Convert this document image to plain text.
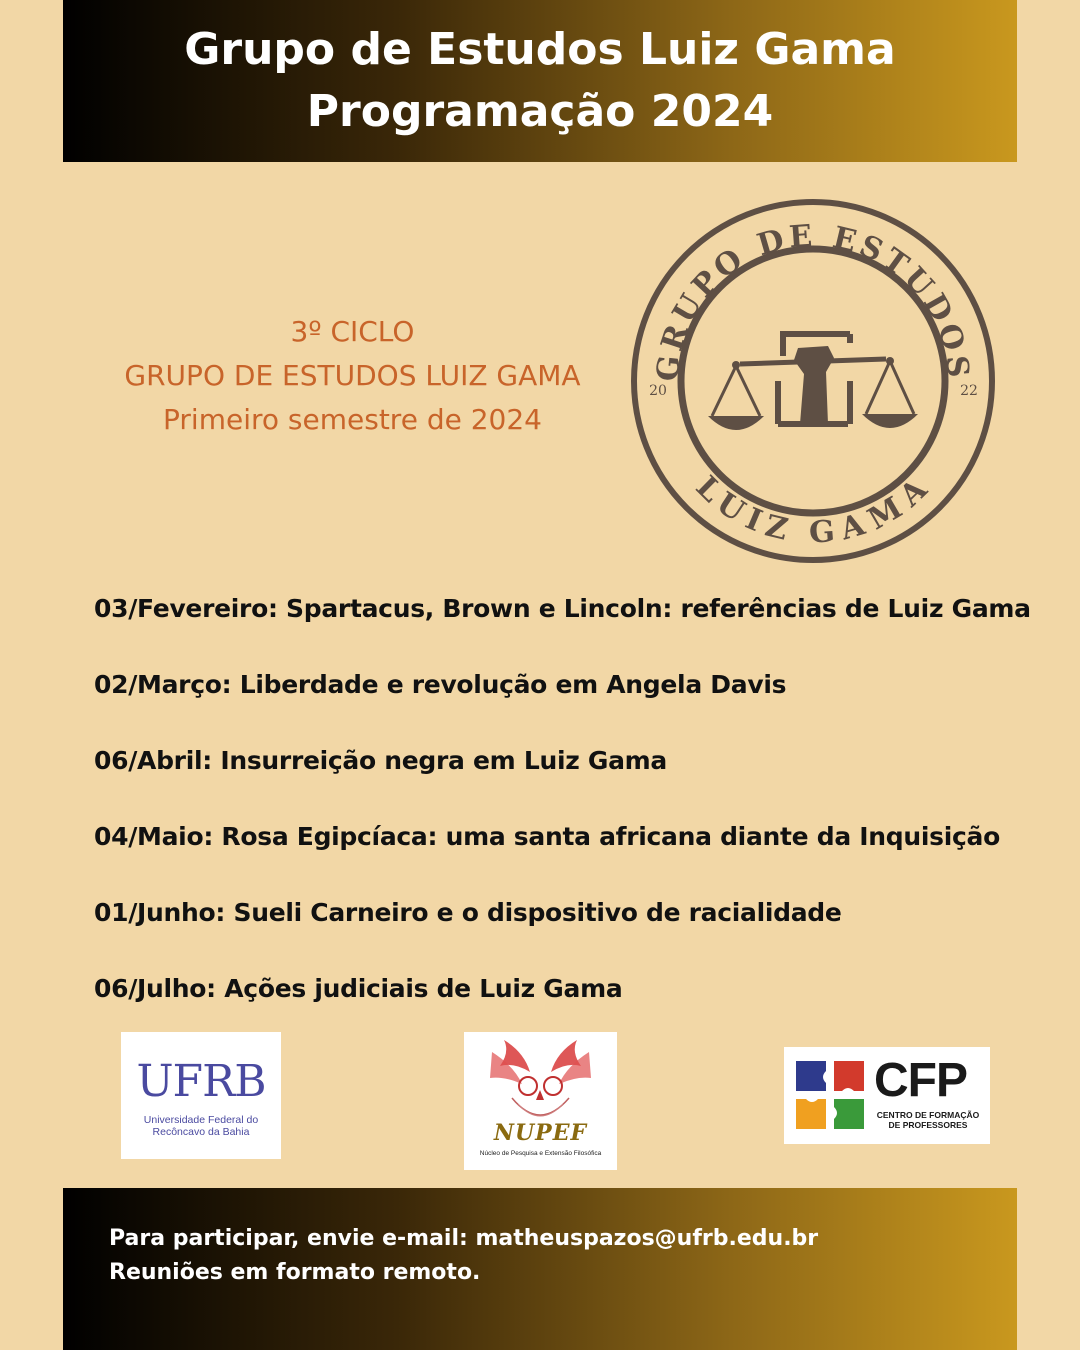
Grupo de Estudos Luiz Gama
Programação 2024
3º CICLO
GRUPO DE ESTUDOS LUIZ GAMA
Primeiro semestre de 2024
GRUPO DE ESTUDOS
LUIZ GAMA
20	22
03/Fevereiro: Spartacus, Brown e Lincoln: referências de Luiz Gama
02/Março: Liberdade e revolução em Angela Davis
06/Abril: Insurreição negra em Luiz Gama
04/Maio: Rosa Egipcíaca: uma santa africana diante da Inquisição
01/Junho: Sueli Carneiro e o dispositivo de racialidade
06/Julho: Ações judiciais de Luiz Gama
UFRB
Universidade Federal do
Recôncavo da Bahia	NUPEF
Núcleo de Pesquisa e Extensão Filosófica
CFP
CENTRO DE FORMAÇÃO
DE PROFESSORES
Para participar, envie e-mail: matheuspazos@ufrb.edu.br
Reuniões em formato remoto.
